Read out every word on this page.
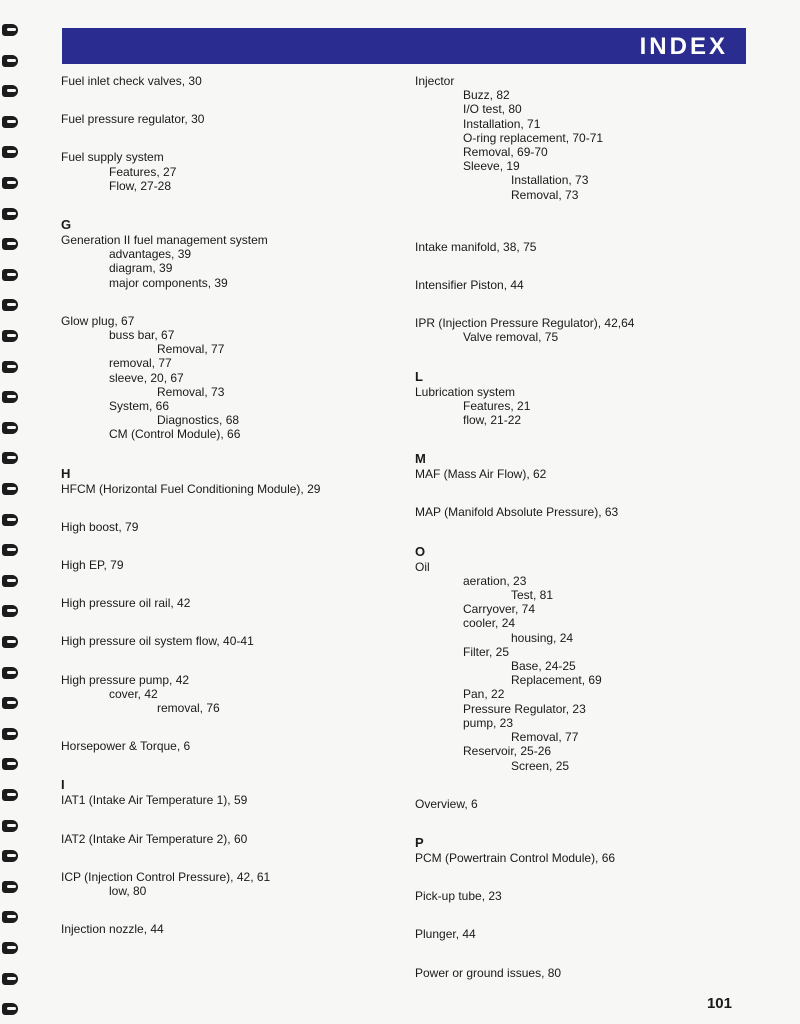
INDEX
Fuel inlet check valves, 30
Fuel pressure regulator, 30
Fuel supply system
Features, 27
Flow, 27-28
G
Generation II fuel management system
advantages, 39
diagram, 39
major components, 39
Glow plug, 67
buss bar, 67
Removal, 77
removal, 77
sleeve, 20, 67
Removal, 73
System, 66
Diagnostics, 68
CM (Control Module), 66
H
HFCM (Horizontal Fuel Conditioning Module), 29
High boost, 79
High EP, 79
High pressure oil rail, 42
High pressure oil system flow, 40-41
High pressure pump, 42
cover, 42
removal, 76
Horsepower & Torque, 6
I
IAT1 (Intake Air Temperature 1), 59
IAT2 (Intake Air Temperature 2), 60
ICP (Injection Control Pressure), 42, 61
low, 80
Injection nozzle, 44
Injector
Buzz, 82
I/O test, 80
Installation, 71
O-ring replacement, 70-71
Removal, 69-70
Sleeve, 19
Installation, 73
Removal, 73
Intake manifold, 38, 75
Intensifier Piston, 44
IPR (Injection Pressure Regulator), 42,64
Valve removal, 75
L
Lubrication system
Features, 21
flow, 21-22
M
MAF (Mass Air Flow), 62
MAP (Manifold Absolute Pressure), 63
O
Oil
aeration, 23
Test, 81
Carryover, 74
cooler, 24
housing, 24
Filter, 25
Base, 24-25
Replacement, 69
Pan, 22
Pressure Regulator, 23
pump, 23
Removal, 77
Reservoir, 25-26
Screen, 25
Overview, 6
P
PCM (Powertrain Control Module), 66
Pick-up tube, 23
Plunger, 44
Power or ground issues, 80
101
